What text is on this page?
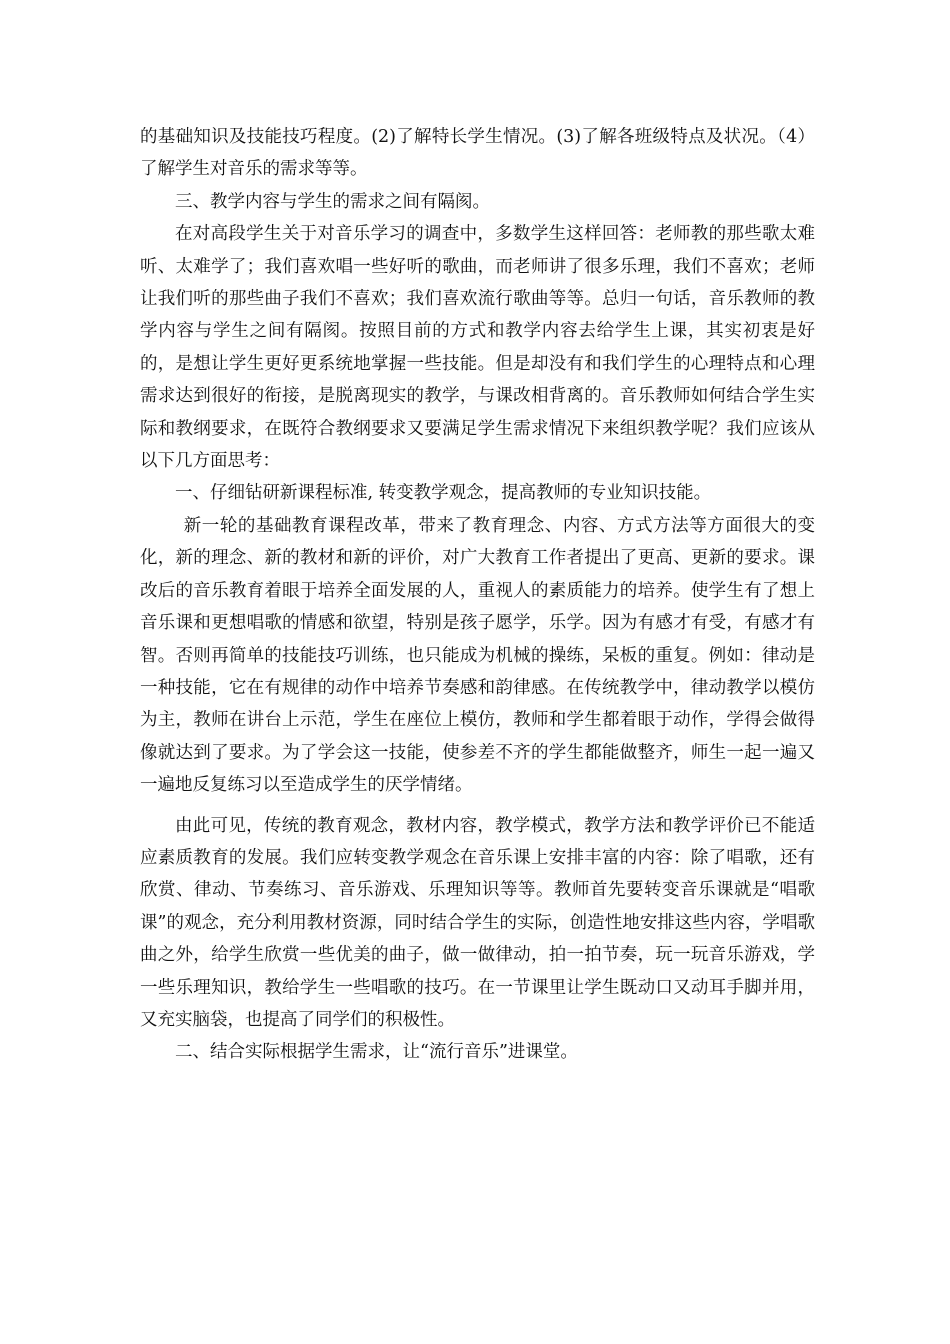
的基础知识及技能技巧程度。(2)了解特长学生情况。(3)了解各班级特点及状况。（4）了解学生对音乐的需求等等。

三、教学内容与学生的需求之间有隔阂。

在对高段学生关于对音乐学习的调查中，多数学生这样回答：老师教的那些歌太难听、太难学了；我们喜欢唱一些好听的歌曲，而老师讲了很多乐理，我们不喜欢；老师让我们听的那些曲子我们不喜欢；我们喜欢流行歌曲等等。总归一句话，音乐教师的教学内容与学生之间有隔阂。按照目前的方式和教学内容去给学生上课，其实初衷是好的，是想让学生更好更系统地掌握一些技能。但是却没有和我们学生的心理特点和心理需求达到很好的衔接，是脱离现实的教学，与课改相背离的。音乐教师如何结合学生实际和教纲要求，在既符合教纲要求又要满足学生需求情况下来组织教学呢？我们应该从以下几方面思考：

一、仔细钻研新课程标准, 转变教学观念，提高教师的专业知识技能。

新一轮的基础教育课程改革，带来了教育理念、内容、方式方法等方面很大的变化，新的理念、新的教材和新的评价，对广大教育工作者提出了更高、更新的要求。课改后的音乐教育着眼于培养全面发展的人，重视人的素质能力的培养。使学生有了想上音乐课和更想唱歌的情感和欲望，特别是孩子愿学，乐学。因为有感才有受，有感才有智。否则再简单的技能技巧训练，也只能成为机械的操练，呆板的重复。例如：律动是一种技能，它在有规律的动作中培养节奏感和韵律感。在传统教学中，律动教学以模仿为主，教师在讲台上示范，学生在座位上模仿，教师和学生都着眼于动作，学得会做得像就达到了要求。为了学会这一技能，使参差不齐的学生都能做整齐，师生一起一遍又一遍地反复练习以至造成学生的厌学情绪。

由此可见，传统的教育观念，教材内容，教学模式，教学方法和教学评价已不能适应素质教育的发展。我们应转变教学观念在音乐课上安排丰富的内容：除了唱歌，还有欣赏、律动、节奏练习、音乐游戏、乐理知识等等。教师首先要转变音乐课就是“唱歌课”的观念，充分利用教材资源，同时结合学生的实际，创造性地安排这些内容，学唱歌曲之外，给学生欣赏一些优美的曲子，做一做律动，拍一拍节奏，玩一玩音乐游戏，学一些乐理知识，教给学生一些唱歌的技巧。在一节课里让学生既动口又动耳手脚并用，又充实脑袋，也提高了同学们的积极性。

二、结合实际根据学生需求，让“流行音乐”进课堂。
